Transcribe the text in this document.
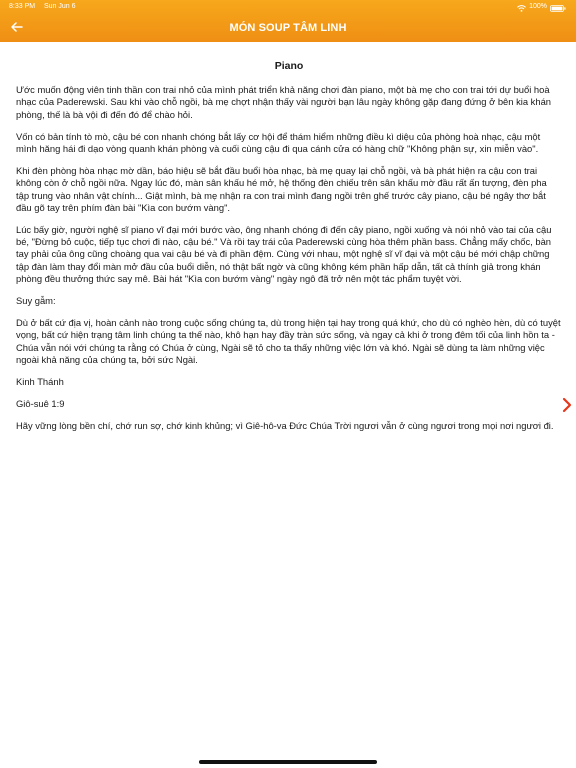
8:33 PM Sun Jun 6	100%
MÓN SOUP TÂM LINH
Piano

Ước muốn động viên tinh thần con trai nhỏ của mình phát triển khả năng chơi đàn piano, một bà mẹ cho con trai tới dự buổi hoà nhạc của Paderewski. Sau khi vào chỗ ngồi, bà mẹ chợt nhận thấy vài người bạn lâu ngày không gặp đang đứng ở bên kia khán phòng, thế là bà vội đi đến đó để chào hỏi.

Vốn có bản tính tò mò, cậu bé con nhanh chóng bắt lấy cơ hội để thám hiểm những điều kì diệu của phòng hoà nhạc, cậu một mình hăng hái đi dạo vòng quanh khán phòng và cuối cùng cậu đi qua cánh cửa có hàng chữ "Không phận sự, xin miễn vào".

Khi đèn phòng hòa nhạc mờ dần, báo hiệu sẽ bắt đầu buổi hòa nhạc, bà mẹ quay lại chỗ ngồi, và bà phát hiện ra cậu con trai không còn ở chỗ ngồi nữa. Ngay lúc đó, màn sân khấu hé mở, hệ thống đèn chiếu trên sân khấu mờ đầu rất ấn tượng, đèn pha tập trung vào nhân vật chính... Giật mình, bà mẹ nhận ra con trai mình đang ngồi trên ghế trước cây piano, cậu bé ngây thơ bắt đầu gõ tay trên phím đàn bài "Kìa con bướm vàng".

Lúc bấy giờ, người nghệ sĩ piano vĩ đại mới bước vào, ông nhanh chóng đi đến cây piano, ngồi xuống và nói nhỏ vào tai của cậu bé, "Đừng bỏ cuộc, tiếp tục chơi đi nào, cậu bé." Và rồi tay trái của Paderewski cùng hòa thêm phần bass. Chẳng mấy chốc, bàn tay phải của ông cũng choàng qua vai cậu bé và đi phần đệm. Cùng với nhau, một nghệ sĩ vĩ đại và một cậu bé mới chập chững tập đàn làm thay đổi màn mở đầu của buổi diễn, nó thật bất ngờ và cũng không kém phần hấp dẫn, tất cả thính giả trong khán phòng đều thưởng thức say mê. Bài hát "Kìa con bướm vàng" ngày ngô đã trở nên một tác phẩm tuyệt vời.

Suy gẫm:

Dù ở bất cứ địa vị, hoàn cảnh nào trong cuộc sống chúng ta, dù trong hiện tại hay trong quá khứ, cho dù có nghèo hèn, dù có tuyệt vọng, bất cứ hiện trạng tâm linh chúng ta thế nào, khô hạn hay đầy tràn sức sống, và ngay cả khi ở trong đêm tối của linh hồn ta - Chúa vẫn nói với chúng ta rằng có Chúa ở cùng, Ngài sẽ tỏ cho ta thấy những việc lớn và khó. Ngài sẽ dùng ta làm những việc ngoài khả năng của chúng ta, bởi sức Ngài.

Kinh Thánh

Giô-suê 1:9

Hãy vững lòng bền chí, chớ run sợ, chớ kinh khủng; vì Giê-hô-va Đức Chúa Trời ngươi vẫn ở cùng ngươi trong mọi nơi ngươi đi.
